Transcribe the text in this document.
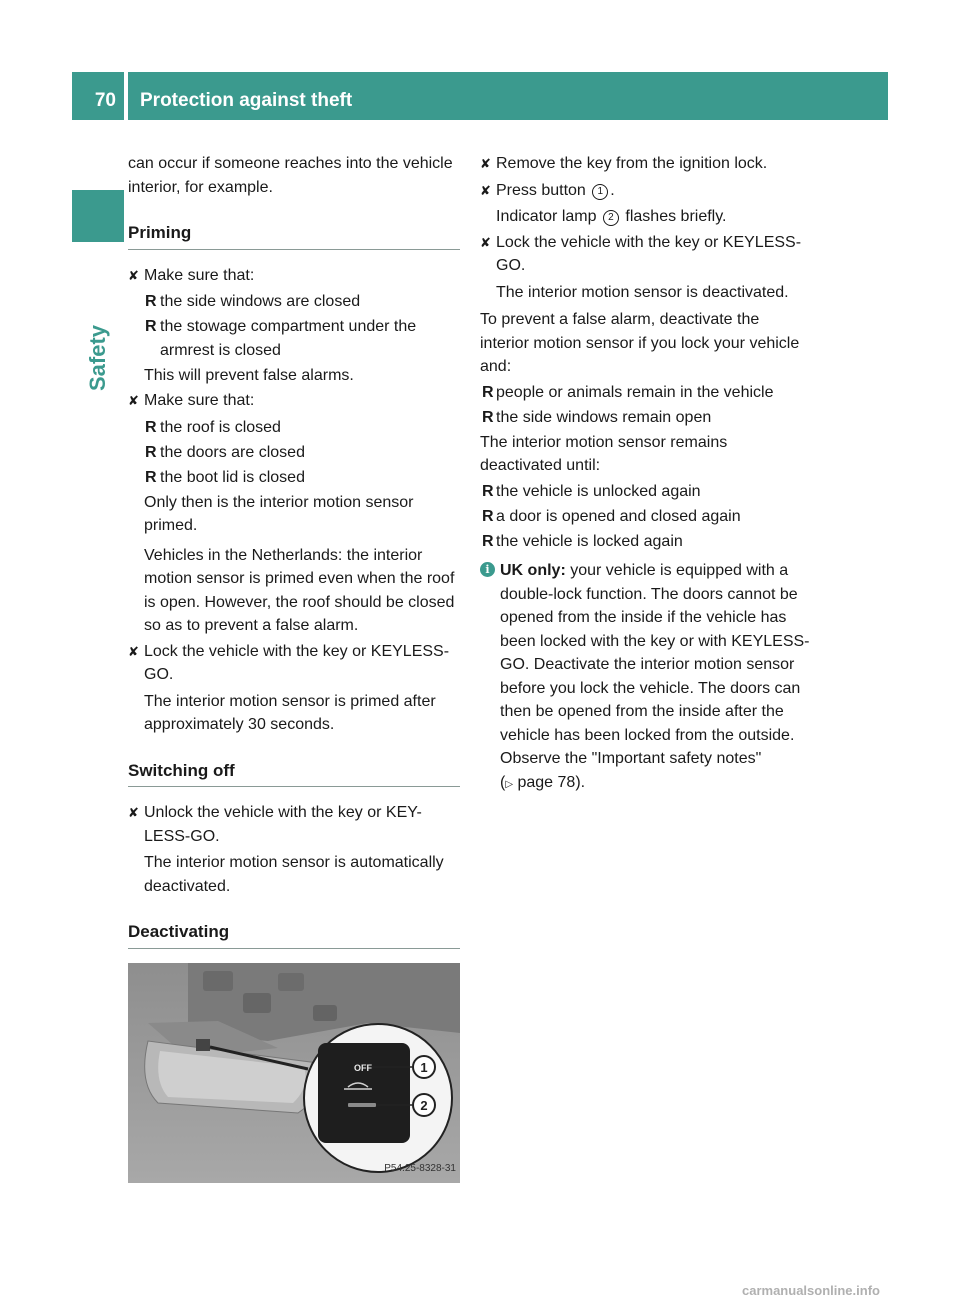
70	Protection against theft
Safety

can occur if someone reaches into the vehicle interior, for example.

Priming
✘ Make sure that:
R the side windows are closed
R the stowage compartment under the armrest is closed

This will prevent false alarms.

✘ Make sure that:
R the roof is closed
R the doors are closed
R the boot lid is closed

Only then is the interior motion sensor primed.

Vehicles in the Netherlands: the interior motion sensor is primed even when the roof is open. However, the roof should be closed so as to prevent a false alarm.

✘ Lock the vehicle with the key or KEYLESS-GO.

The interior motion sensor is primed after approximately 30 seconds.

Switching off
✘ Unlock the vehicle with the key or KEY-LESS-GO.

The interior motion sensor is automatically deactivated.

Deactivating
OFF	1
2
P54.25-8328-31
✘ Remove the key from the ignition lock.
✘ Press button 1 .

Indicator lamp 2 flashes briefly.

✘ Lock the vehicle with the key or KEYLESS-GO.

The interior motion sensor is deactivated.

To prevent a false alarm, deactivate the interior motion sensor if you lock your vehicle and:

R people or animals remain in the vehicle
R the side windows remain open

The interior motion sensor remains deactivated until:

R the vehicle is unlocked again
R a door is opened and closed again
R the vehicle is locked again
i UK only: your vehicle is equipped with a double-lock function. The doors cannot be opened from the inside if the vehicle has been locked with the key or with KEYLESS-GO. Deactivate the interior motion sensor before you lock the vehicle. The doors can then be opened from the inside after the vehicle has been locked from the outside. Observe the "Important safety notes"
(▷ page 78).
carmanualsonline.info
